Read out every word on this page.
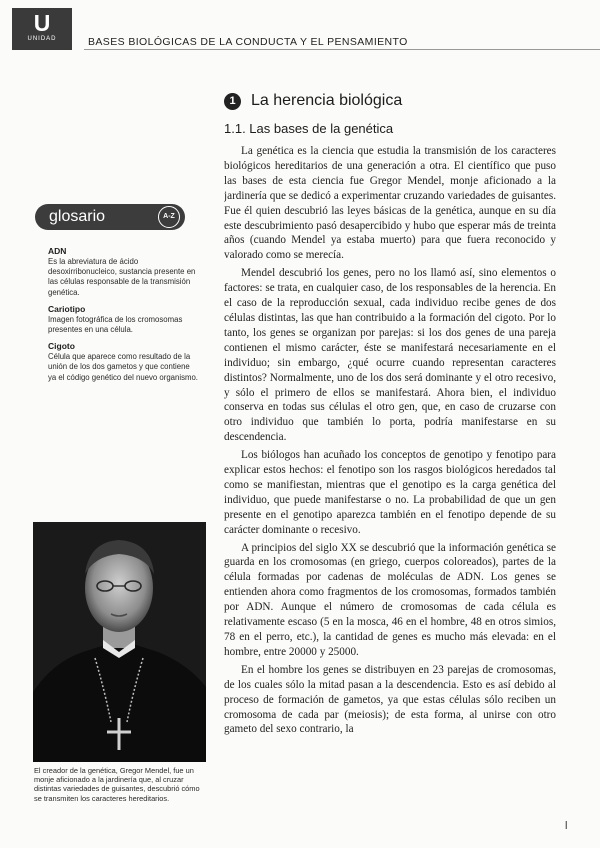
U
UNIDAD	BASES BIOLÓGICAS DE LA CONDUCTA Y EL PENSAMIENTO
1 La herencia biológica
1.1. Las bases de la genética

La genética es la ciencia que estudia la transmisión de los caracteres biológicos hereditarios de una generación a otra. El científico que puso las bases de esta ciencia fue Gregor Mendel, monje aficionado a la jardinería que se dedicó a experimentar cruzando variedades de guisantes. Fue él quien descubrió las leyes básicas de la genética, aunque en su día este descubrimiento pasó desapercibido y hubo que esperar más de treinta años (cuando Mendel ya estaba muerto) para que fuera reconocido y valorado como se merecía.

Mendel descubrió los genes, pero no los llamó así, sino elementos o factores: se trata, en cualquier caso, de los responsables de la herencia. En el caso de la reproducción sexual, cada individuo recibe genes de dos células distintas, las que han contribuido a la formación del cigoto. Por lo tanto, los genes se organizan por parejas: si los dos genes de una pareja contienen el mismo carácter, éste se manifestará necesariamente en el individuo; sin embargo, ¿qué ocurre cuando representan caracteres distintos? Normalmente, uno de los dos será dominante y el otro recesivo, y sólo el primero de ellos se manifestará. Ahora bien, el individuo conserva en todas sus células el otro gen, que, en caso de cruzarse con otro individuo que también lo porta, podría manifestarse en su descendencia.

Los biólogos han acuñado los conceptos de genotipo y fenotipo para explicar estos hechos: el fenotipo son los rasgos biológicos heredados tal como se manifiestan, mientras que el genotipo es la carga genética del individuo, que puede manifestarse o no. La probabilidad de que un gen presente en el genotipo aparezca también en el fenotipo depende de su carácter dominante o recesivo.

A principios del siglo XX se descubrió que la información genética se guarda en los cromosomas (en griego, cuerpos coloreados), partes de la célula formadas por cadenas de moléculas de ADN. Los genes se entienden ahora como fragmentos de los cromosomas, formados también por ADN. Aunque el número de cromosomas de cada célula es relativamente escaso (5 en la mosca, 46 en el hombre, 48 en otros simios, 78 en el perro, etc.), la cantidad de genes es mucho más elevada: en el hombre, entre 20000 y 25000.

En el hombre los genes se distribuyen en 23 parejas de cromosomas, de los cuales sólo la mitad pasan a la descendencia. Esto es así debido al proceso de formación de gametos, ya que estas células sólo reciben un cromosoma de cada par (meiosis); de esta forma, al unirse con otro gameto del sexo contrario, la

glosario	A-Z
ADN
Es la abreviatura de ácido desoxirribonucleico, sustancia presente en las células responsable de la transmisión genética.
Cariotipo
Imagen fotográfica de los cromosomas presentes en una célula.
Cigoto
Célula que aparece como resultado de la unión de los dos gametos y que contiene ya el código genético del nuevo organismo.
El creador de la genética, Gregor Mendel, fue un monje aficionado a la jardinería que, al cruzar distintas variedades de guisantes, descubrió cómo se transmiten los caracteres hereditarios.
l
